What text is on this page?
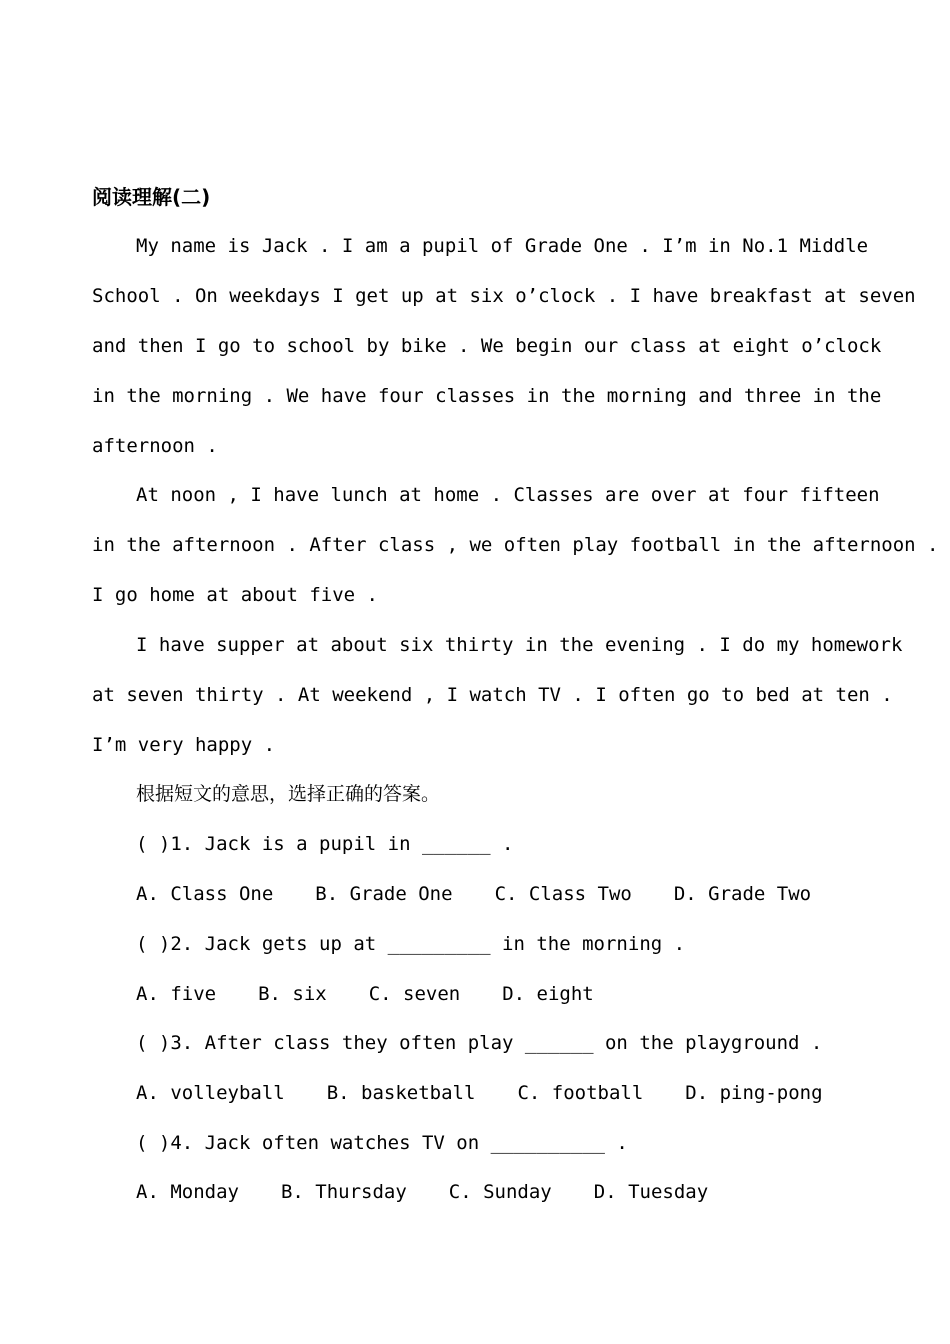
阅读理解(二)

My name is Jack . I am a pupil of Grade One . I’m in No.1 Middle

School . On weekdays I get up at six o’clock . I have breakfast at seven

and then I go to school by bike . We begin our class at eight o’clock

in the morning . We have four classes in the morning and three in the

afternoon .

At noon , I have lunch at home . Classes are over at four fifteen

in the afternoon . After class , we often play football in the afternoon .

I go home at about five .

I have supper at about six thirty in the evening . I do my homework

at seven thirty . At weekend , I watch TV . I often go to bed at ten .

I’m very happy .

根据短文的意思，选择正确的答案。

( )1. Jack is a pupil in ______ .

A. Class One B. Grade One C. Class Two D. Grade Two

( )2. Jack gets up at _________ in the morning .

A. five B. six C. seven D. eight

( )3. After class they often play ______ on the playground .

A. volleyball B. basketball C. football D. ping-pong

( )4. Jack often watches TV on __________ .

A. Monday B. Thursday C. Sunday D. Tuesday
